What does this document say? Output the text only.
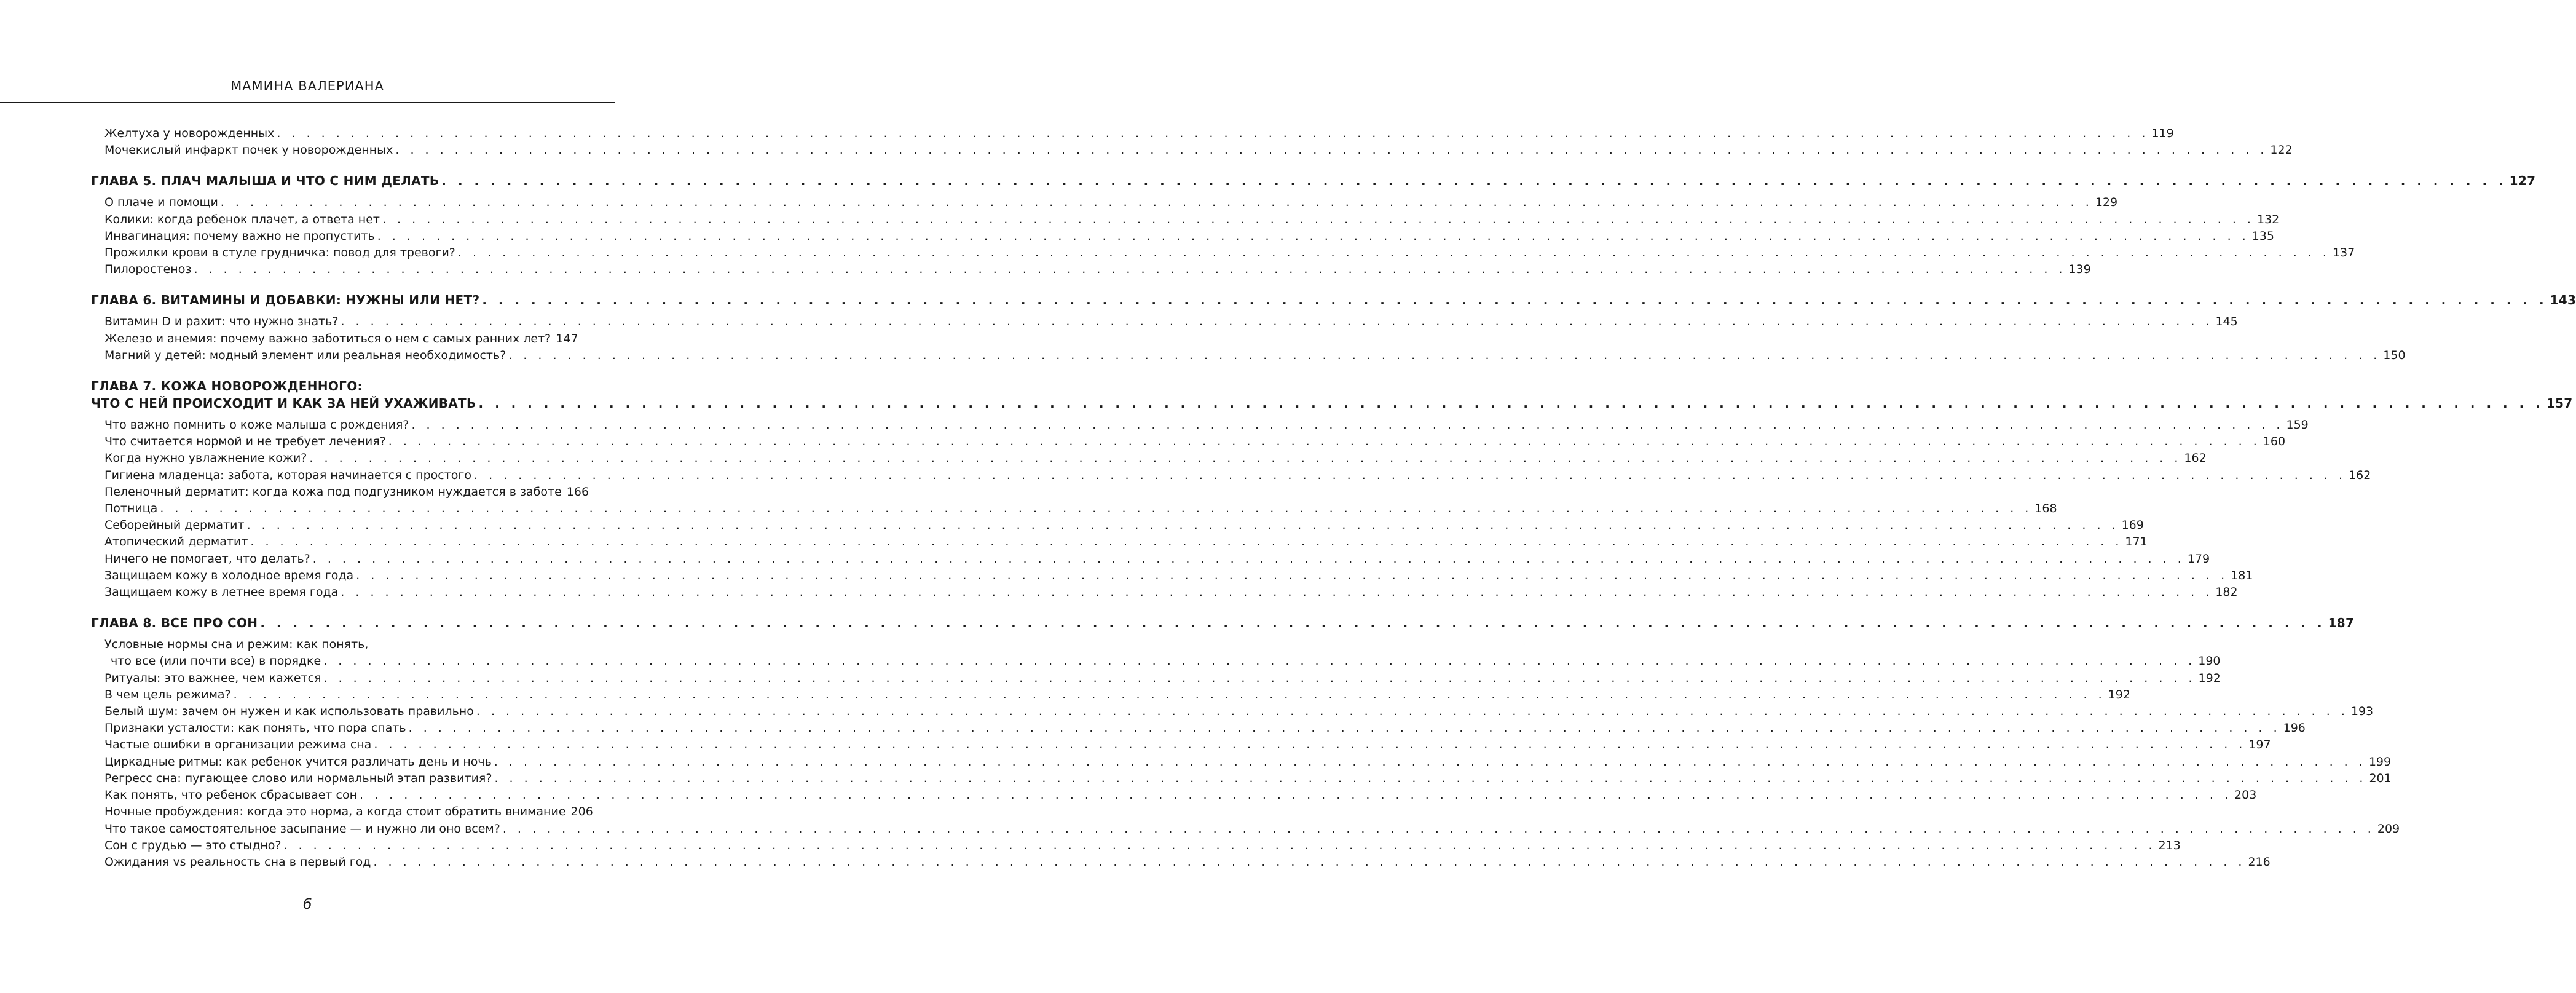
МАМИНА ВАЛЕРИАНА
Желтуха у новорожденных . . .	119
Мочекислый инфаркт почек у новорожденных . . .	122
ГЛАВА 5. ПЛАЧ МАЛЫША И ЧТО С НИМ ДЕЛАТЬ . . .	127
О плаче и помощи . . .	129
Колики: когда ребенок плачет, а ответа нет . . .	132
Инвагинация: почему важно не пропустить . . .	135
Прожилки крови в стуле грудничка: повод для тревоги? . . .	137
Пилоростеноз . . .	139
ГЛАВА 6. ВИТАМИНЫ И ДОБАВКИ: НУЖНЫ ИЛИ НЕТ? . . .	143
Витамин D и рахит: что нужно знать? . . .	145
Железо и анемия: почему важно заботиться о нем с самых ранних лет? 147
Магний у детей: модный элемент или реальная необходимость? . . .	150
ГЛАВА 7. КОЖА НОВОРОЖДЕННОГО:
ЧТО С НЕЙ ПРОИСХОДИТ И КАК ЗА НЕЙ УХАЖИВАТЬ . . .	157
Что важно помнить о коже малыша с рождения? . . .	159
Что считается нормой и не требует лечения? . . .	160
Когда нужно увлажнение кожи? . . .	162
Гигиена младенца: забота, которая начинается с простого . . .	162
Пеленочный дерматит: когда кожа под подгузником нуждается в заботе 166
Потница . . .	168
Себорейный дерматит . . .	169
Атопический дерматит . . .	171
Ничего не помогает, что делать? . . .	179
Защищаем кожу в холодное время года . . .	181
Защищаем кожу в летнее время года . . .	182
ГЛАВА 8. ВСЕ ПРО СОН . . .	187
Условные нормы сна и режим: как понять,
что все (или почти все) в порядке . . .	190
Ритуалы: это важнее, чем кажется . . .	192
В чем цель режима? . . .	192
Белый шум: зачем он нужен и как использовать правильно . . .	193
Признаки усталости: как понять, что пора спать . . .	196
Частые ошибки в организации режима сна . . .	197
Циркадные ритмы: как ребенок учится различать день и ночь . . .	199
Регресс сна: пугающее слово или нормальный этап развития? . . .	201
Как понять, что ребенок сбрасывает сон . . .	203
Ночные пробуждения: когда это норма, а когда стоит обратить внимание 206
Что такое самостоятельное засыпание — и нужно ли оно всем? . . .	209
Сон с грудью — это стыдно? . . .	213
Ожидания vs реальность сна в первый год . . .	216
6
